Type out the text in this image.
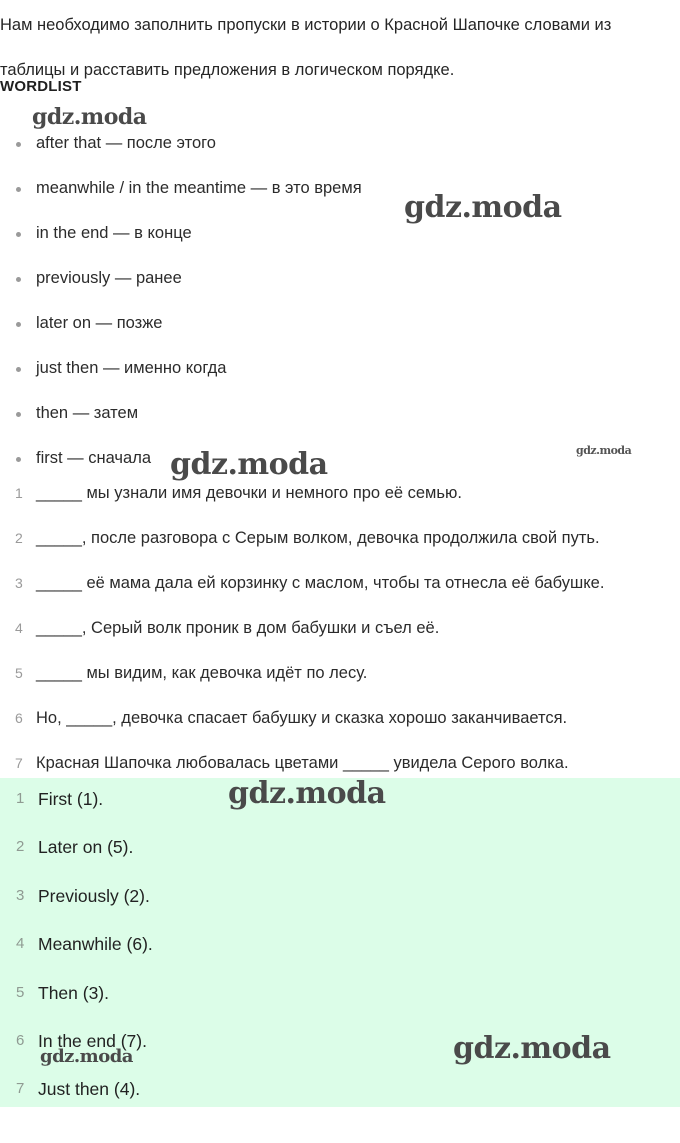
Нам необходимо заполнить пропуски в истории о Красной Шапочке словами из таблицы и расставить предложения в логическом порядке.
WORDLIST
after that — после этого
meanwhile / in the meantime — в это время
in the end — в конце
previously — ранее
later on — позже
just then — именно когда
then — затем
first — сначала
1 _____ мы узнали имя девочки и немного про её семью.
2 _____, после разговора с Серым волком, девочка продолжила свой путь.
3 _____ её мама дала ей корзинку с маслом, чтобы та отнесла её бабушке.
4 _____, Серый волк проник в дом бабушки и съел её.
5 _____ мы видим, как девочка идёт по лесу.
6 Но, _____, девочка спасает бабушку и сказка хорошо заканчивается.
7 Красная Шапочка любовалась цветами _____ увидела Серого волка.
1 First (1).
2 Later on (5).
3 Previously (2).
4 Meanwhile (6).
5 Then (3).
6 In the end (7).
7 Just then (4).
gdz.moda
gdz.moda
gdz.moda	gdz.moda
gdz.moda
gdz.moda
gdz.moda
